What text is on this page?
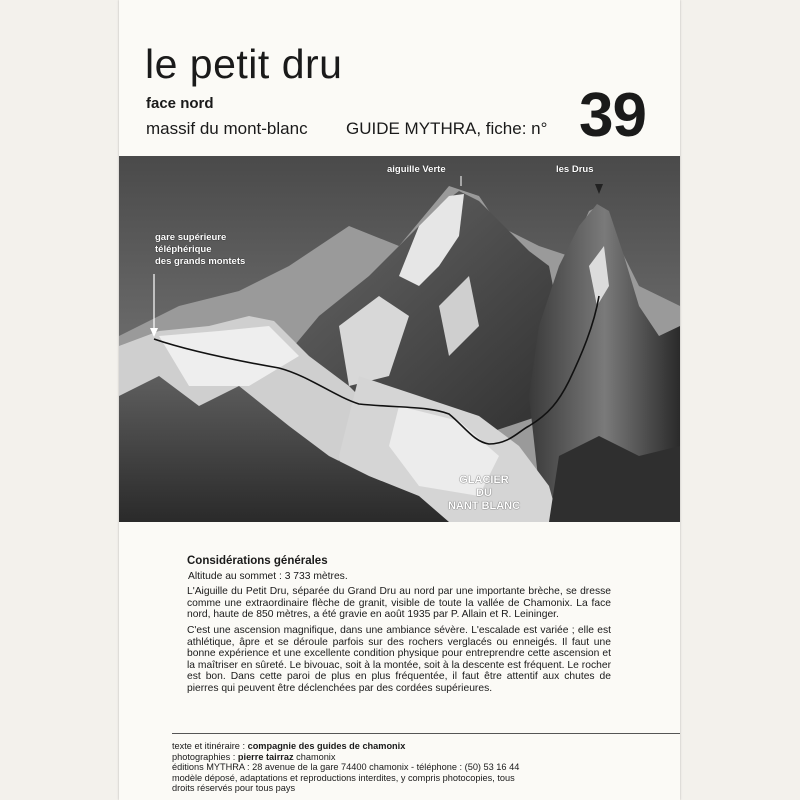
le petit dru
face nord
massif du mont-blanc GUIDE MYTHRA, fiche: n° 39
aiguille Verte	les Drus
gare supérieure
téléphérique
des grands montets
GLACIER
DU
NANT BLANC
Considérations générales
Altitude au sommet : 3 733 mètres.
L'Aiguille du Petit Dru, séparée du Grand Dru au nord par une importante brèche, se dresse comme une extraordinaire flèche de granit, visible de toute la vallée de Chamonix. La face nord, haute de 850 mètres, a été gravie en août 1935 par P. Allain et R. Leininger.
C'est une ascension magnifique, dans une ambiance sévère. L'escalade est variée ; elle est athlétique, âpre et se déroule parfois sur des rochers verglacés ou enneigés. Il faut une bonne expérience et une excellente condition physique pour entreprendre cette ascension et la maîtriser en sûreté. Le bivouac, soit à la montée, soit à la descente est fréquent. Le rocher est bon. Dans cette paroi de plus en plus fréquentée, il faut être attentif aux chutes de pierres qui peuvent être déclenchées par des cordées supérieures.
texte et itinéraire : compagnie des guides de chamonix
photographies : pierre tairraz chamonix
éditions MYTHRA : 28 avenue de la gare 74400 chamonix - téléphone : (50) 53 16 44
modèle déposé, adaptations et reproductions interdites, y compris photocopies, tous
droits réservés pour tous pays
